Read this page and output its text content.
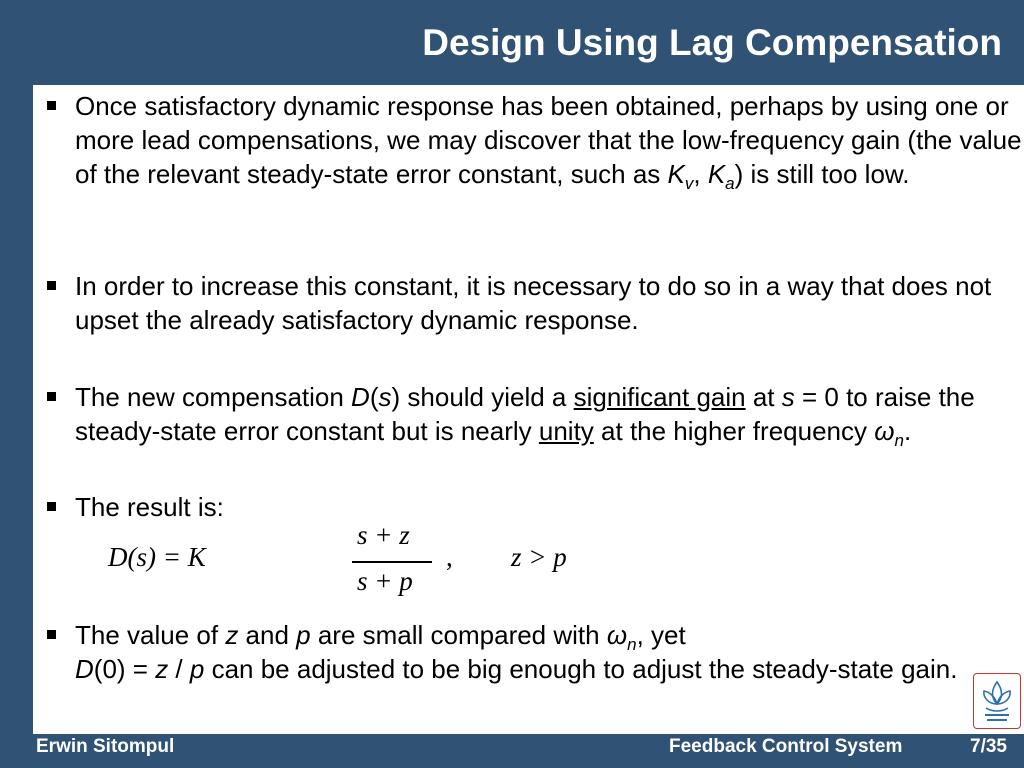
Design Using Lag Compensation
Once satisfactory dynamic response has been obtained, perhaps by using one or more lead compensations, we may discover that the low-frequency gain (the value of the relevant steady-state error constant, such as $K_v$, $K_a$) is still too low.
In order to increase this constant, it is necessary to do so in a way that does not upset the already satisfactory dynamic response.
The new compensation D(s) should yield a significant gain at s = 0 to raise the steady-state error constant but is nearly unity at the higher frequency $\omega_n$.
The result is:
D(s) = K
s + z
s + p
, z > p
The value of z and p are small compared with $\omega_n$, yet
D(0) = z / p can be adjusted to be big enough to adjust the steady-state gain.
Erwin Sitompul	Feedback Control System	7/35
